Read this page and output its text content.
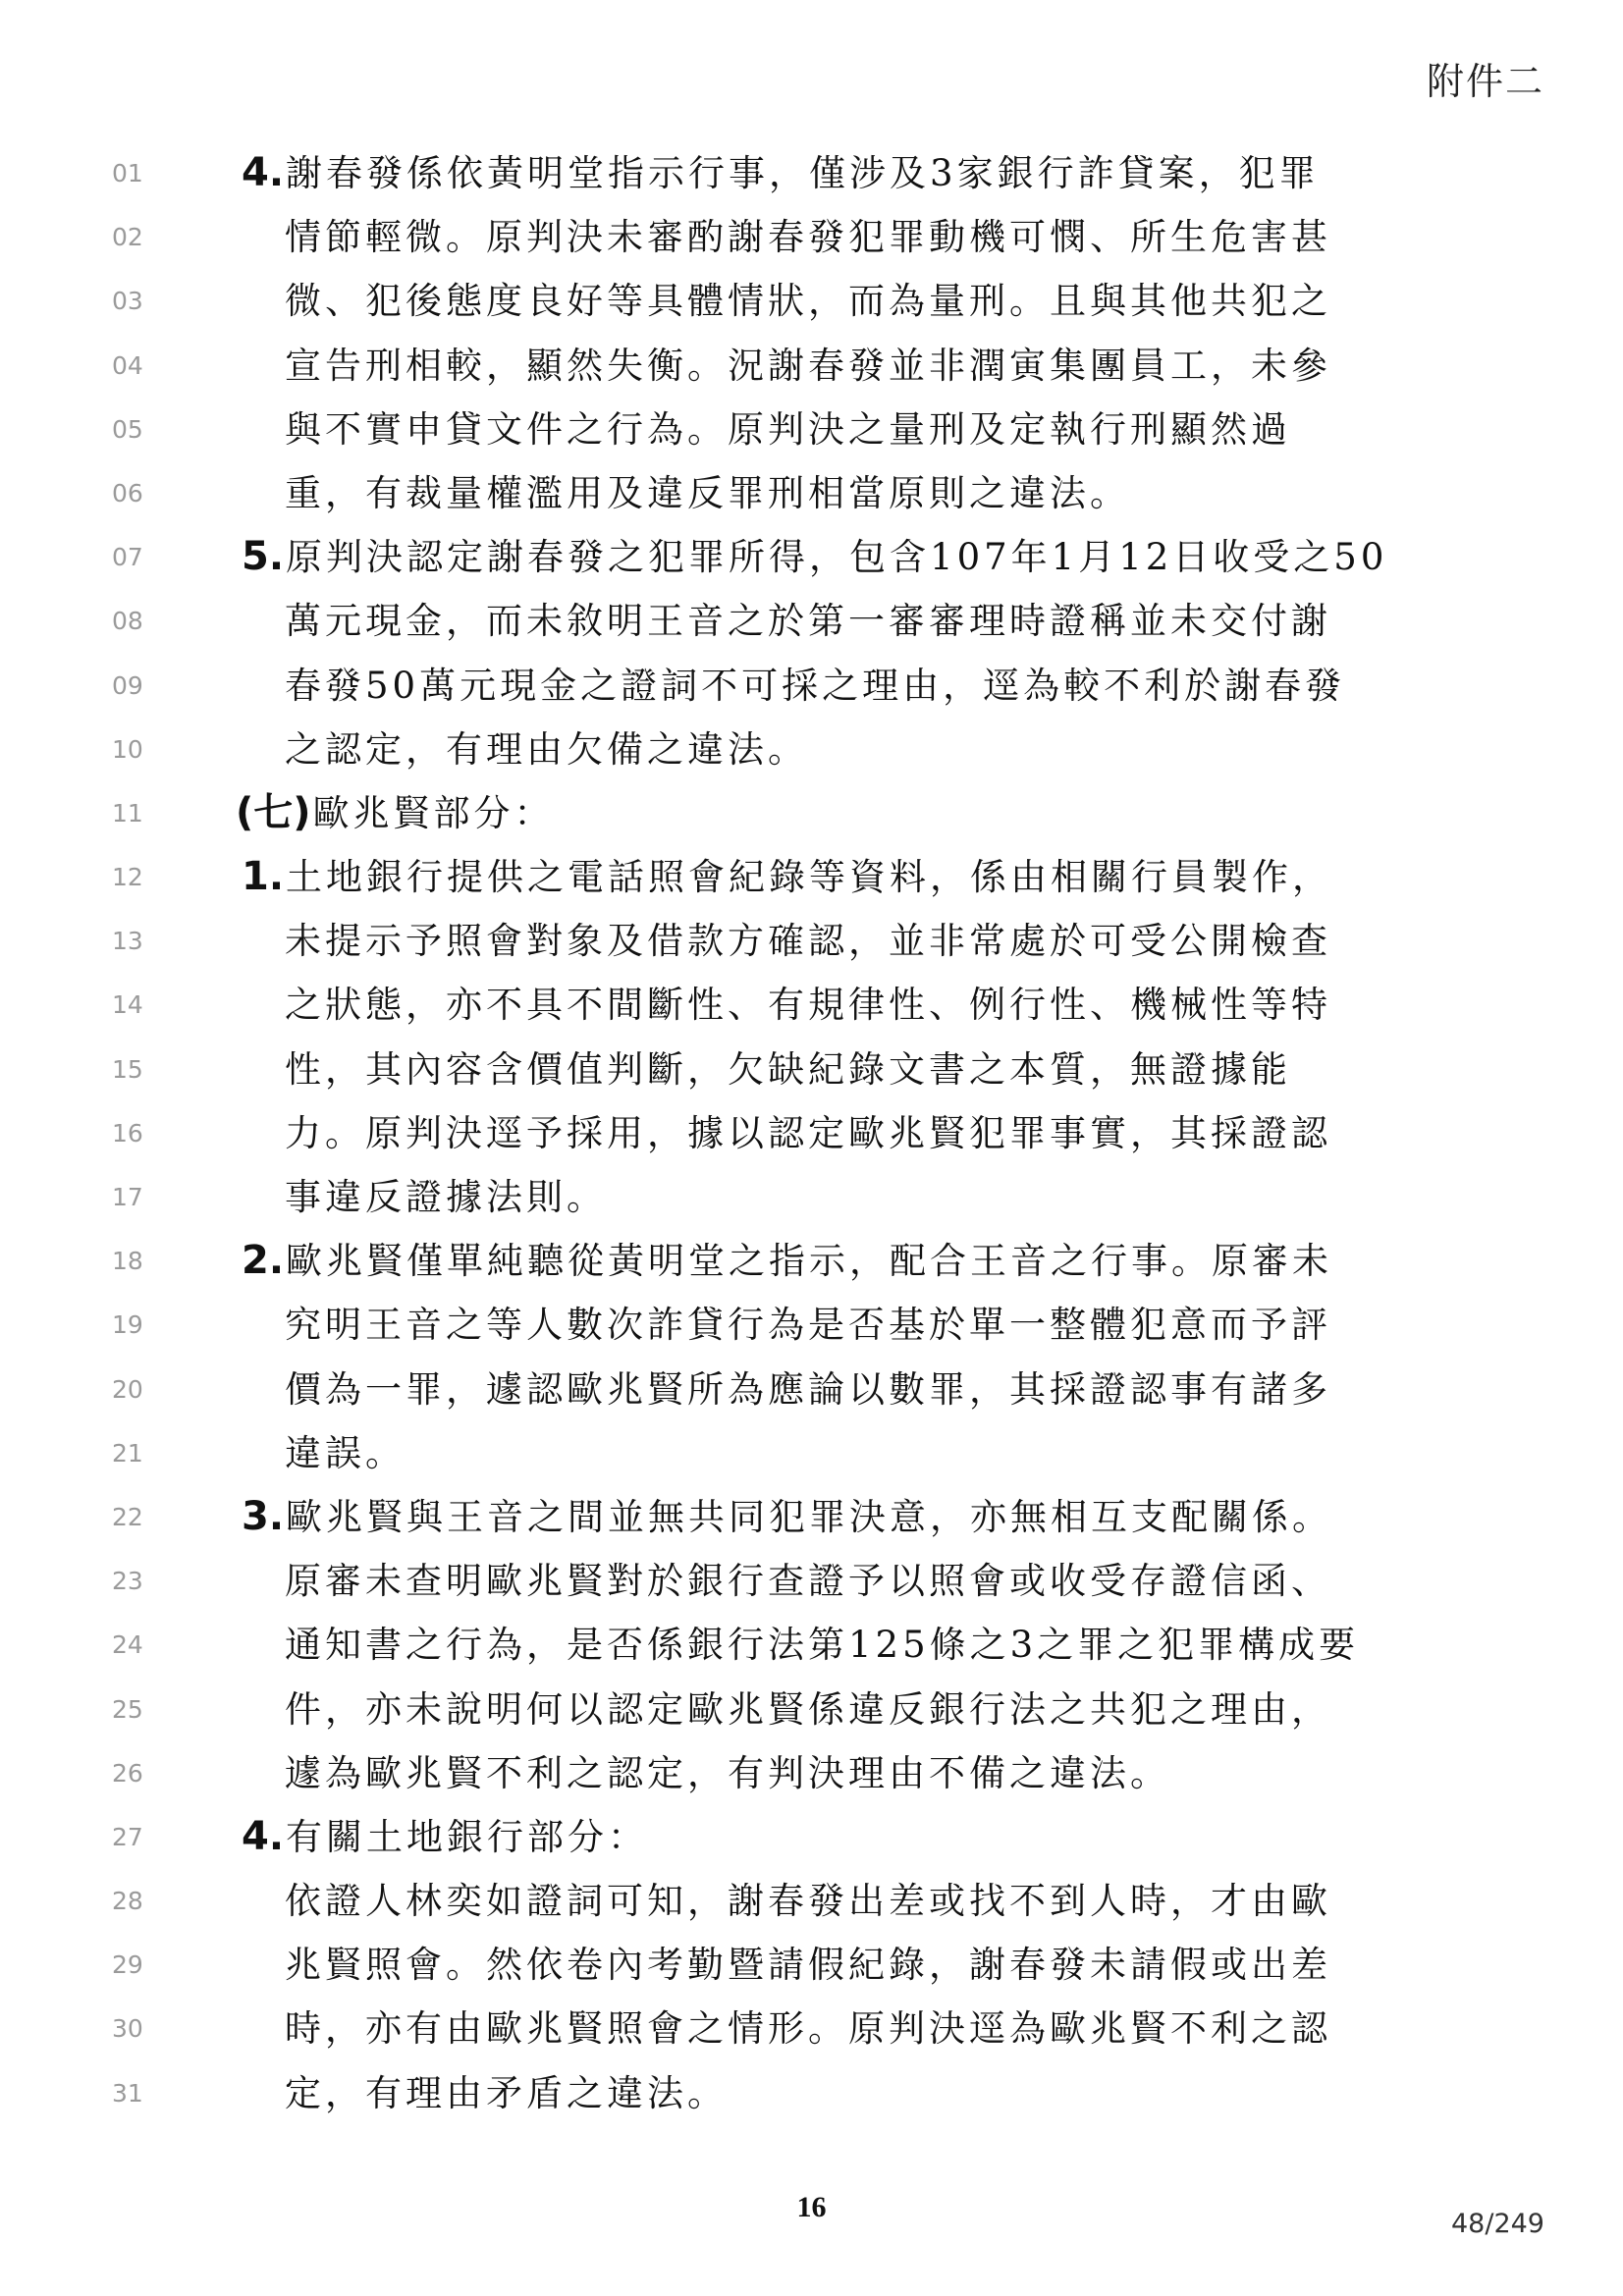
附件二
01	4.謝春發係依黃明堂指示行事，僅涉及3家銀行詐貸案，犯罪
02	情節輕微。原判決未審酌謝春發犯罪動機可憫、所生危害甚
03	微、犯後態度良好等具體情狀，而為量刑。且與其他共犯之
04	宣告刑相較，顯然失衡。況謝春發並非潤寅集團員工，未參
05	與不實申貸文件之行為。原判決之量刑及定執行刑顯然過
06	重，有裁量權濫用及違反罪刑相當原則之違法。
07	5.原判決認定謝春發之犯罪所得，包含107年1月12日收受之50
08	萬元現金，而未敘明王音之於第一審審理時證稱並未交付謝
09	春發50萬元現金之證詞不可採之理由，逕為較不利於謝春發
10	之認定，有理由欠備之違法。
11	(七)歐兆賢部分：
12	1.土地銀行提供之電話照會紀錄等資料，係由相關行員製作，
13	未提示予照會對象及借款方確認，並非常處於可受公開檢查
14	之狀態，亦不具不間斷性、有規律性、例行性、機械性等特
15	性，其內容含價值判斷，欠缺紀錄文書之本質，無證據能
16	力。原判決逕予採用，據以認定歐兆賢犯罪事實，其採證認
17	事違反證據法則。
18	2.歐兆賢僅單純聽從黃明堂之指示，配合王音之行事。原審未
19	究明王音之等人數次詐貸行為是否基於單一整體犯意而予評
20	價為一罪，遽認歐兆賢所為應論以數罪，其採證認事有諸多
21	違誤。
22	3.歐兆賢與王音之間並無共同犯罪決意，亦無相互支配關係。
23	原審未查明歐兆賢對於銀行查證予以照會或收受存證信函、
24	通知書之行為，是否係銀行法第125條之3之罪之犯罪構成要
25	件，亦未說明何以認定歐兆賢係違反銀行法之共犯之理由，
26	遽為歐兆賢不利之認定，有判決理由不備之違法。
27	4.有關土地銀行部分：
28	依證人林奕如證詞可知，謝春發出差或找不到人時，才由歐
29	兆賢照會。然依卷內考勤暨請假紀錄，謝春發未請假或出差
30	時，亦有由歐兆賢照會之情形。原判決逕為歐兆賢不利之認
31	定，有理由矛盾之違法。
16
48/249
